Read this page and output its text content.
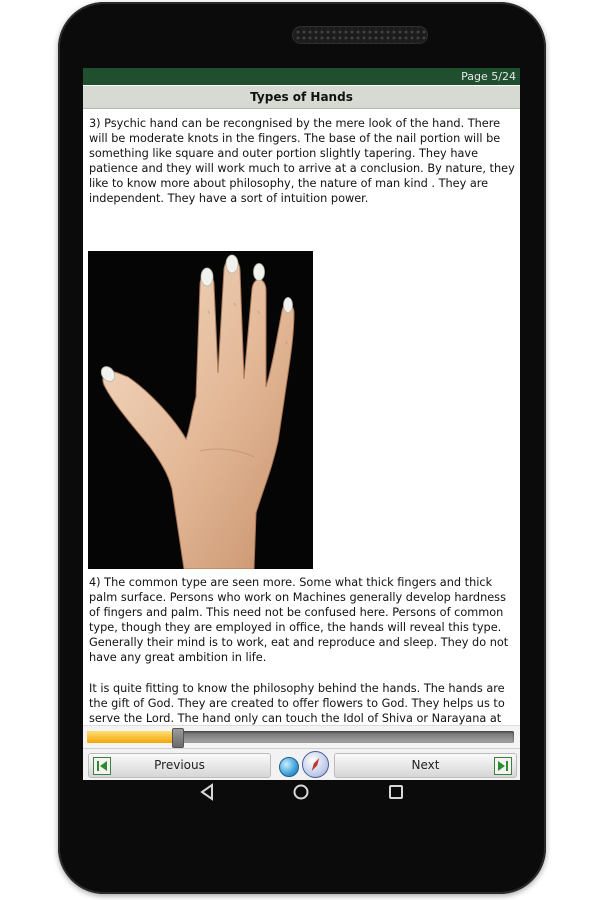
Page 5/24
Types of Hands

3) Psychic hand can be recongnised by the mere look of the hand. There will be moderate knots in the fingers. The base of the nail portion will be something like square and outer portion slightly tapering. They have patience and they will work much to arrive at a conclusion. By nature, they like to know more about philosophy, the nature of man kind . They are independent. They have a sort of intuition power.

4) The common type are seen more. Some what thick fingers and thick palm surface. Persons who work on Machines generally develop hardness of fingers and palm. This need not be confused here. Persons of common type, though they are employed in office, the hands will reveal this type. Generally their mind is to work, eat and reproduce and sleep. They do not have any great ambition in life.

It is quite fitting to know the philosophy behind the hands. The hands are the gift of God. They are created to offer flowers to God. They helps us to serve the Lord. The hand only can touch the Idol of Shiva or Narayana at

Previous	Next
